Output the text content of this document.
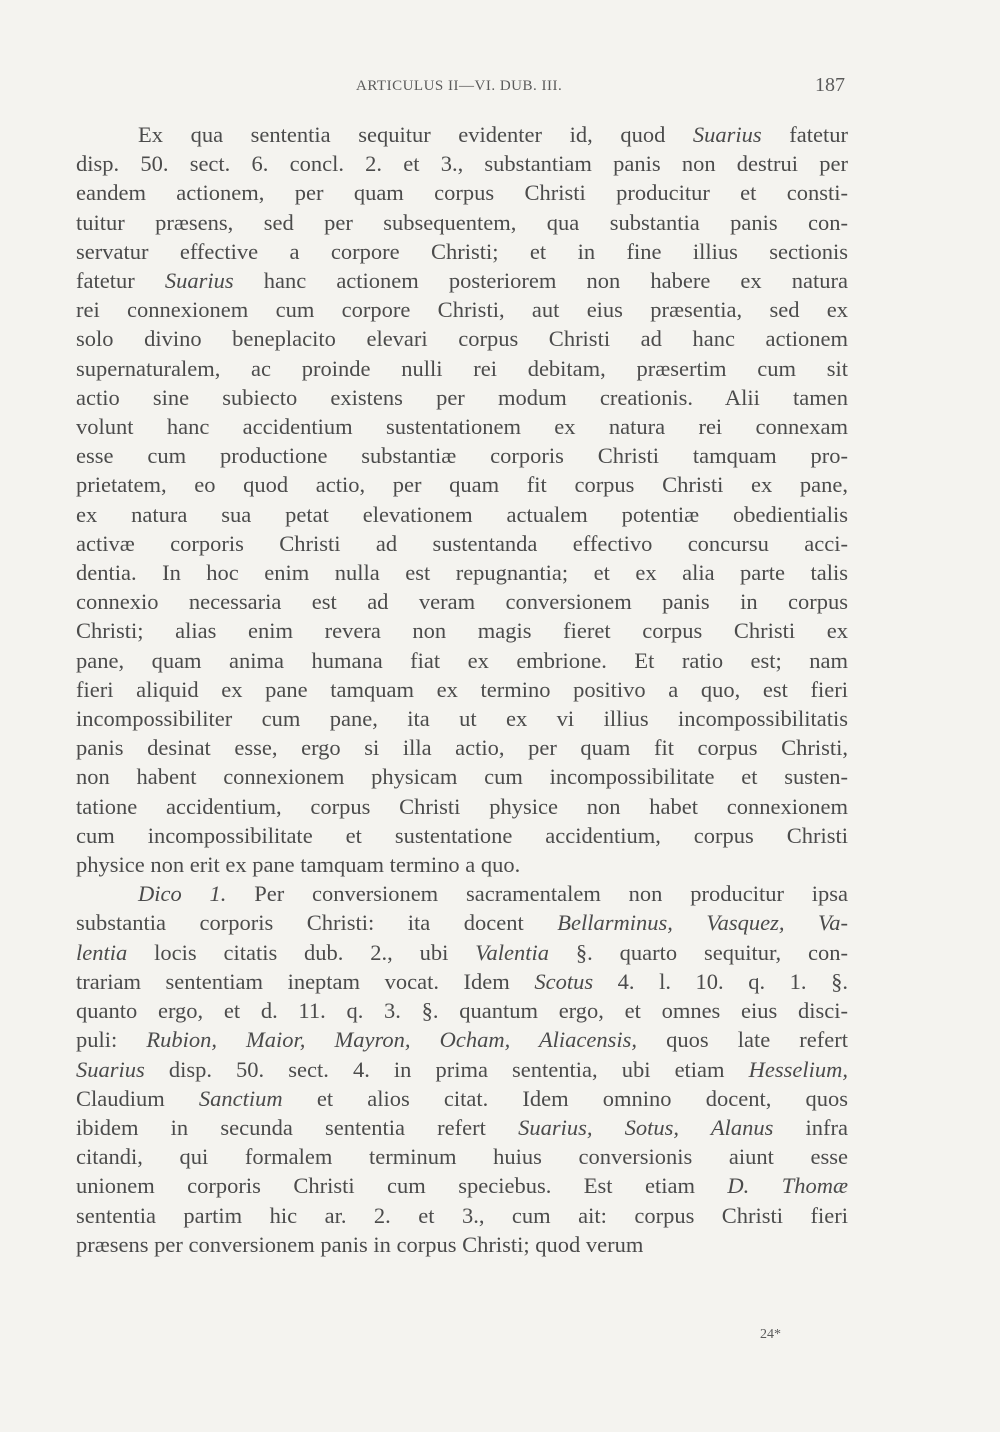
ARTICULUS II—VI. DUB. III.	187
Ex qua sententia sequitur evidenter id, quod Suarius fatetur
disp. 50. sect. 6. concl. 2. et 3., substantiam panis non destrui per
eandem actionem, per quam corpus Christi producitur et consti-
tuitur præsens, sed per subsequentem, qua substantia panis con-
servatur effective a corpore Christi; et in fine illius sectionis
fatetur Suarius hanc actionem posteriorem non habere ex natura
rei connexionem cum corpore Christi, aut eius præsentia, sed ex
solo divino beneplacito elevari corpus Christi ad hanc actionem
supernaturalem, ac proinde nulli rei debitam, præsertim cum sit
actio sine subiecto existens per modum creationis. Alii tamen
volunt hanc accidentium sustentationem ex natura rei connexam
esse cum productione substantiæ corporis Christi tamquam pro-
prietatem, eo quod actio, per quam fit corpus Christi ex pane,
ex natura sua petat elevationem actualem potentiæ obedientialis
activæ corporis Christi ad sustentanda effectivo concursu acci-
dentia. In hoc enim nulla est repugnantia; et ex alia parte talis
connexio necessaria est ad veram conversionem panis in corpus
Christi; alias enim revera non magis fieret corpus Christi ex
pane, quam anima humana fiat ex embrione. Et ratio est; nam
fieri aliquid ex pane tamquam ex termino positivo a quo, est fieri
incompossibiliter cum pane, ita ut ex vi illius incompossibilitatis
panis desinat esse, ergo si illa actio, per quam fit corpus Christi,
non habent connexionem physicam cum incompossibilitate et susten-
tatione accidentium, corpus Christi physice non habet connexionem
cum incompossibilitate et sustentatione accidentium, corpus Christi
physice non erit ex pane tamquam termino a quo.
Dico 1. Per conversionem sacramentalem non producitur ipsa
substantia corporis Christi: ita docent Bellarminus, Vasquez, Va-
lentia locis citatis dub. 2., ubi Valentia §. quarto sequitur, con-
trariam sententiam ineptam vocat. Idem Scotus 4. l. 10. q. 1. §.
quanto ergo, et d. 11. q. 3. §. quantum ergo, et omnes eius disci-
puli: Rubion, Maior, Mayron, Ocham, Aliacensis, quos late refert
Suarius disp. 50. sect. 4. in prima sententia, ubi etiam Hesselium,
Claudium Sanctium et alios citat. Idem omnino docent, quos
ibidem in secunda sententia refert Suarius, Sotus, Alanus infra
citandi, qui formalem terminum huius conversionis aiunt esse
unionem corporis Christi cum speciebus. Est etiam D. Thomæ
sententia partim hic ar. 2. et 3., cum ait: corpus Christi fieri
præsens per conversionem panis in corpus Christi; quod verum
24*
